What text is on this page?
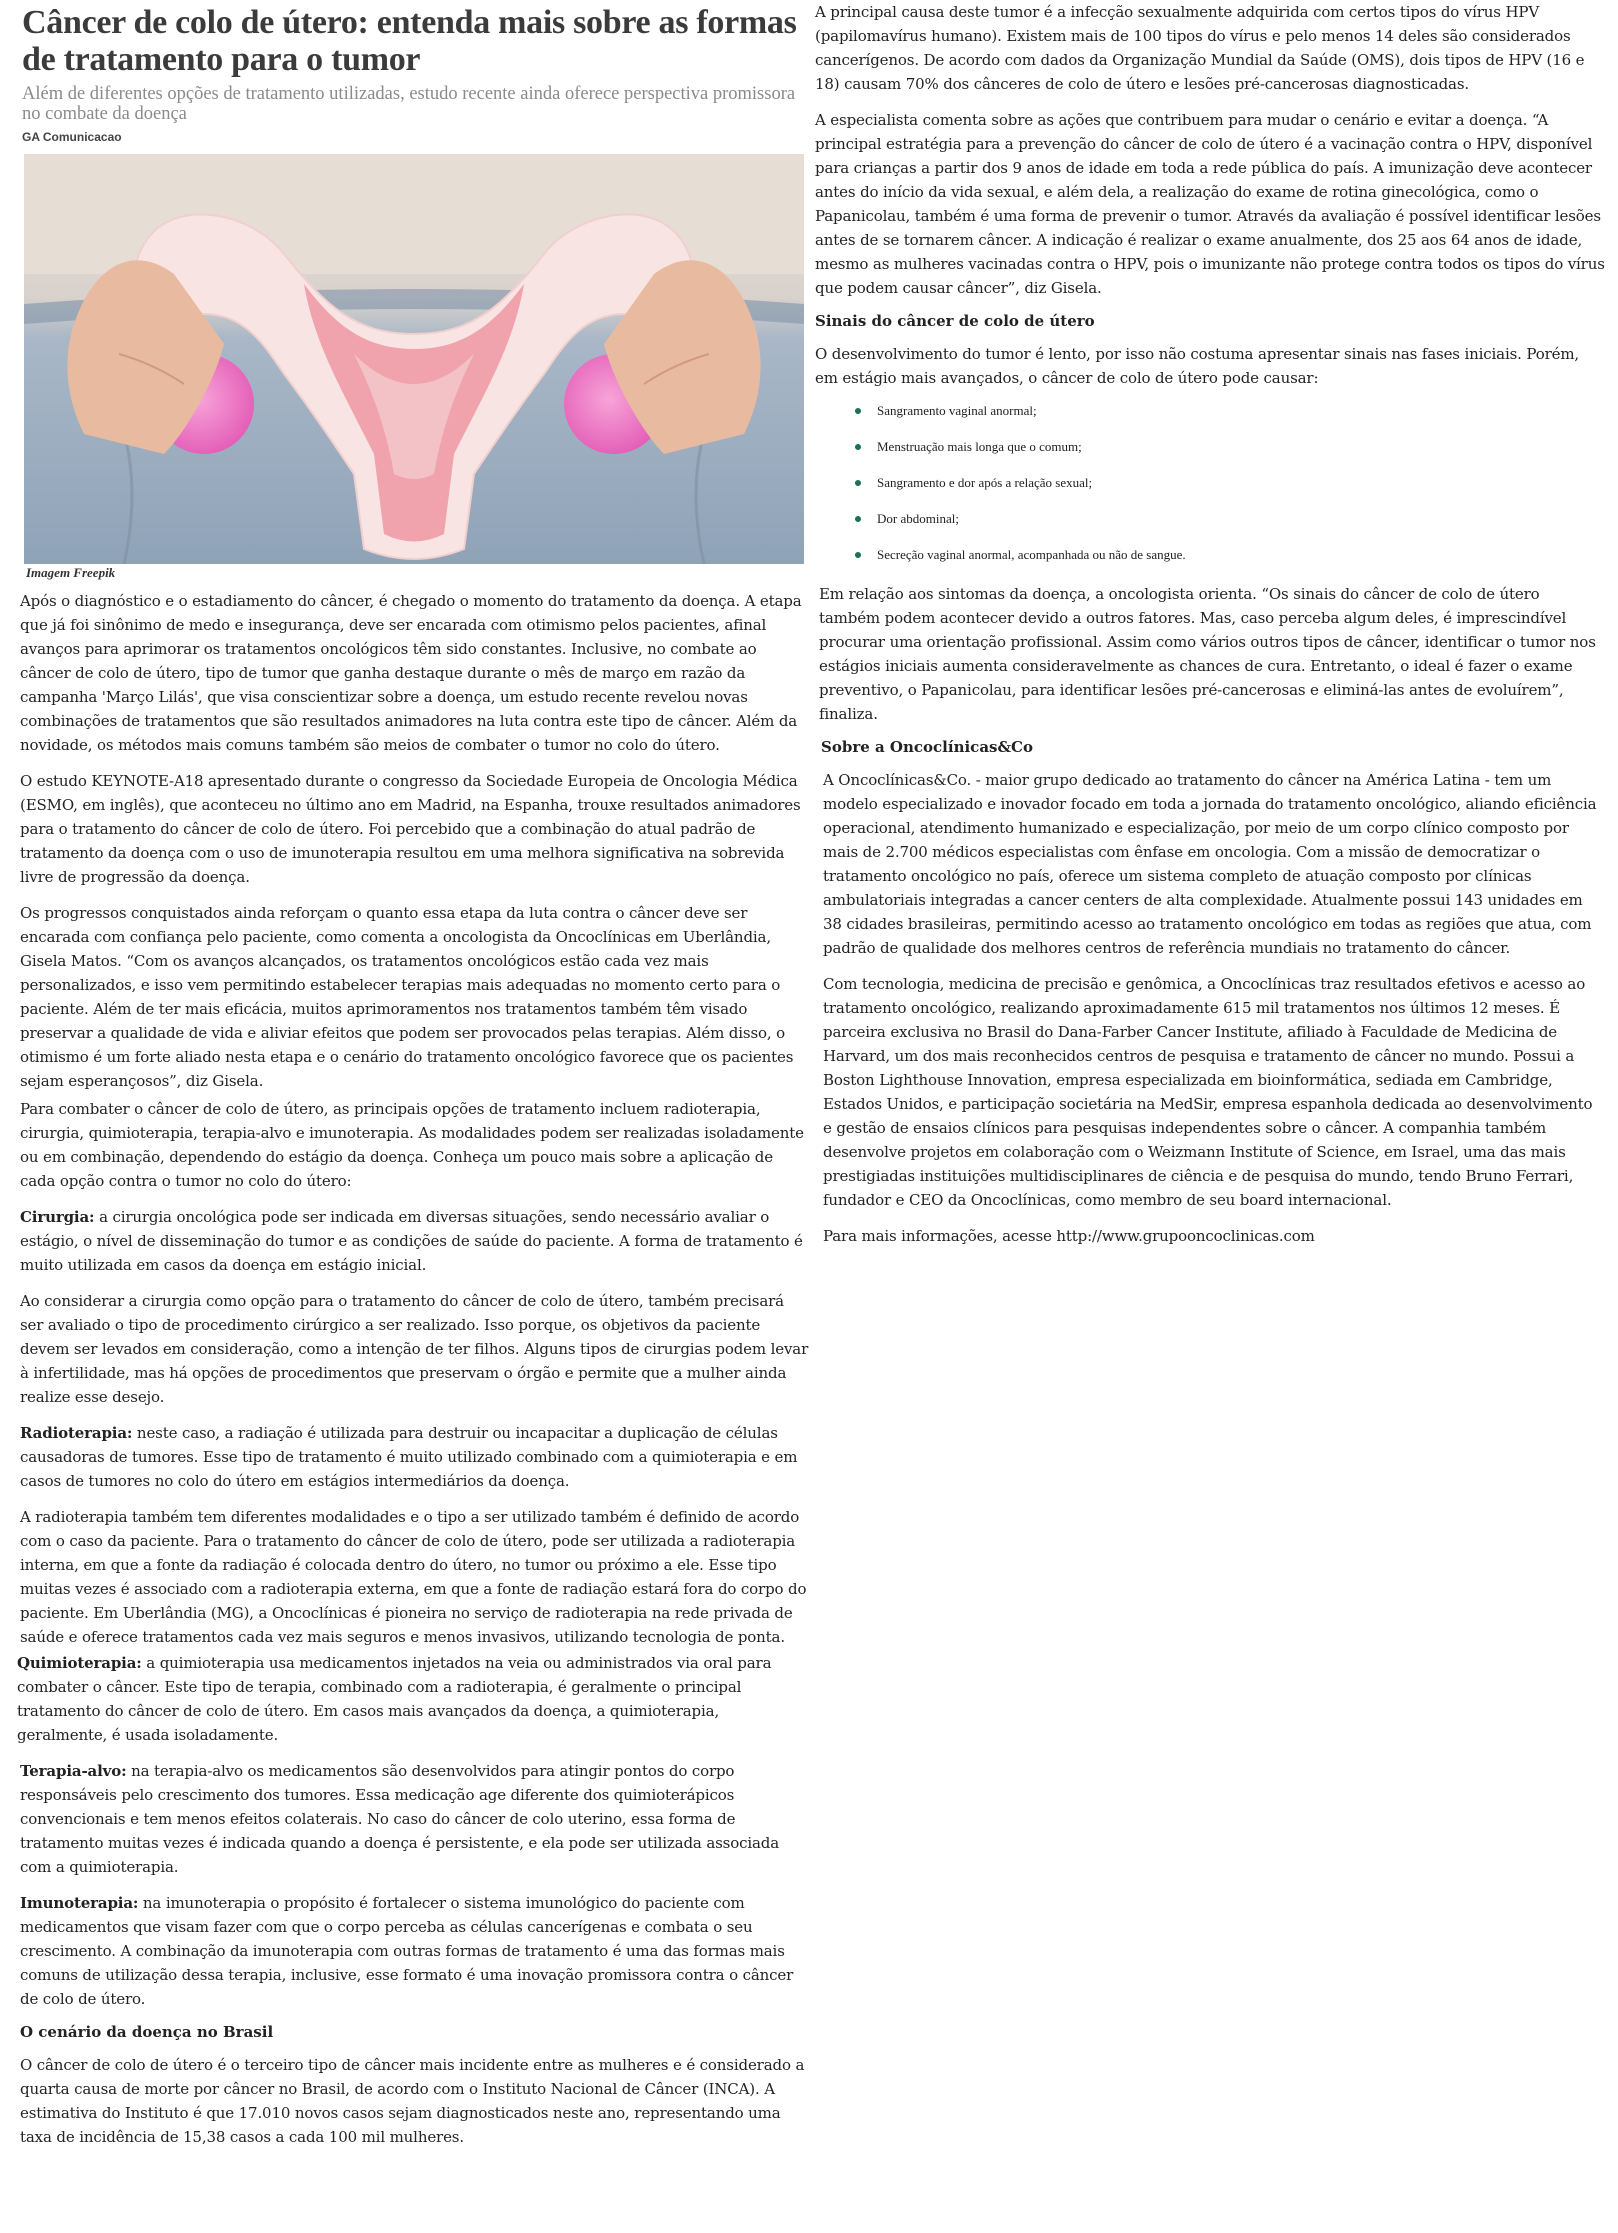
Câncer de colo de útero: entenda mais sobre as formas de tratamento para o tumor
Além de diferentes opções de tratamento utilizadas, estudo recente ainda oferece perspectiva promissora no combate da doença
GA Comunicacao
Imagem Freepik

Após o diagnóstico e o estadiamento do câncer, é chegado o momento do tratamento da doença. A etapa que já foi sinônimo de medo e insegurança, deve ser encarada com otimismo pelos pacientes, afinal avanços para aprimorar os tratamentos oncológicos têm sido constantes. Inclusive, no combate ao câncer de colo de útero, tipo de tumor que ganha destaque durante o mês de março em razão da campanha 'Março Lilás', que visa conscientizar sobre a doença, um estudo recente revelou novas combinações de tratamentos que são resultados animadores na luta contra este tipo de câncer. Além da novidade, os métodos mais comuns também são meios de combater o tumor no colo do útero.

O estudo KEYNOTE-A18 apresentado durante o congresso da Sociedade Europeia de Oncologia Médica (ESMO, em inglês), que aconteceu no último ano em Madrid, na Espanha, trouxe resultados animadores para o tratamento do câncer de colo de útero. Foi percebido que a combinação do atual padrão de tratamento da doença com o uso de imunoterapia resultou em uma melhora significativa na sobrevida livre de progressão da doença.

Os progressos conquistados ainda reforçam o quanto essa etapa da luta contra o câncer deve ser encarada com confiança pelo paciente, como comenta a oncologista da Oncoclínicas em Uberlândia, Gisela Matos. “Com os avanços alcançados, os tratamentos oncológicos estão cada vez mais personalizados, e isso vem permitindo estabelecer terapias mais adequadas no momento certo para o paciente. Além de ter mais eficácia, muitos aprimoramentos nos tratamentos também têm visado preservar a qualidade de vida e aliviar efeitos que podem ser provocados pelas terapias. Além disso, o otimismo é um forte aliado nesta etapa e o cenário do tratamento oncológico favorece que os pacientes sejam esperançosos”, diz Gisela.

Para combater o câncer de colo de útero, as principais opções de tratamento incluem radioterapia, cirurgia, quimioterapia, terapia-alvo e imunoterapia. As modalidades podem ser realizadas isoladamente ou em combinação, dependendo do estágio da doença. Conheça um pouco mais sobre a aplicação de cada opção contra o tumor no colo do útero:

Cirurgia: a cirurgia oncológica pode ser indicada em diversas situações, sendo necessário avaliar o estágio, o nível de disseminação do tumor e as condições de saúde do paciente. A forma de tratamento é muito utilizada em casos da doença em estágio inicial.

Ao considerar a cirurgia como opção para o tratamento do câncer de colo de útero, também precisará ser avaliado o tipo de procedimento cirúrgico a ser realizado. Isso porque, os objetivos da paciente devem ser levados em consideração, como a intenção de ter filhos. Alguns tipos de cirurgias podem levar à infertilidade, mas há opções de procedimentos que preservam o órgão e permite que a mulher ainda realize esse desejo.

Radioterapia: neste caso, a radiação é utilizada para destruir ou incapacitar a duplicação de células causadoras de tumores. Esse tipo de tratamento é muito utilizado combinado com a quimioterapia e em casos de tumores no colo do útero em estágios intermediários da doença.

A radioterapia também tem diferentes modalidades e o tipo a ser utilizado também é definido de acordo com o caso da paciente. Para o tratamento do câncer de colo de útero, pode ser utilizada a radioterapia interna, em que a fonte da radiação é colocada dentro do útero, no tumor ou próximo a ele. Esse tipo muitas vezes é associado com a radioterapia externa, em que a fonte de radiação estará fora do corpo do paciente. Em Uberlândia (MG), a Oncoclínicas é pioneira no serviço de radioterapia na rede privada de saúde e oferece tratamentos cada vez mais seguros e menos invasivos, utilizando tecnologia de ponta.

Quimioterapia: a quimioterapia usa medicamentos injetados na veia ou administrados via oral para combater o câncer. Este tipo de terapia, combinado com a radioterapia, é geralmente o principal tratamento do câncer de colo de útero. Em casos mais avançados da doença, a quimioterapia, geralmente, é usada isoladamente.

Terapia-alvo: na terapia-alvo os medicamentos são desenvolvidos para atingir pontos do corpo responsáveis pelo crescimento dos tumores. Essa medicação age diferente dos quimioterápicos convencionais e tem menos efeitos colaterais. No caso do câncer de colo uterino, essa forma de tratamento muitas vezes é indicada quando a doença é persistente, e ela pode ser utilizada associada com a quimioterapia.

Imunoterapia: na imunoterapia o propósito é fortalecer o sistema imunológico do paciente com medicamentos que visam fazer com que o corpo perceba as células cancerígenas e combata o seu crescimento. A combinação da imunoterapia com outras formas de tratamento é uma das formas mais comuns de utilização dessa terapia, inclusive, esse formato é uma inovação promissora contra o câncer de colo de útero.

O cenário da doença no Brasil

O câncer de colo de útero é o terceiro tipo de câncer mais incidente entre as mulheres e é considerado a quarta causa de morte por câncer no Brasil, de acordo com o Instituto Nacional de Câncer (INCA). A estimativa do Instituto é que 17.010 novos casos sejam diagnosticados neste ano, representando uma taxa de incidência de 15,38 casos a cada 100 mil mulheres.

A principal causa deste tumor é a infecção sexualmente adquirida com certos tipos do vírus HPV (papilomavírus humano). Existem mais de 100 tipos do vírus e pelo menos 14 deles são considerados cancerígenos. De acordo com dados da Organização Mundial da Saúde (OMS), dois tipos de HPV (16 e 18) causam 70% dos cânceres de colo de útero e lesões pré-cancerosas diagnosticadas.

A especialista comenta sobre as ações que contribuem para mudar o cenário e evitar a doença. “A principal estratégia para a prevenção do câncer de colo de útero é a vacinação contra o HPV, disponível para crianças a partir dos 9 anos de idade em toda a rede pública do país. A imunização deve acontecer antes do início da vida sexual, e além dela, a realização do exame de rotina ginecológica, como o Papanicolau, também é uma forma de prevenir o tumor. Através da avaliação é possível identificar lesões antes de se tornarem câncer. A indicação é realizar o exame anualmente, dos 25 aos 64 anos de idade, mesmo as mulheres vacinadas contra o HPV, pois o imunizante não protege contra todos os tipos do vírus que podem causar câncer”, diz Gisela.

Sinais do câncer de colo de útero

O desenvolvimento do tumor é lento, por isso não costuma apresentar sinais nas fases iniciais. Porém, em estágio mais avançados, o câncer de colo de útero pode causar:

Sangramento vaginal anormal;
Menstruação mais longa que o comum;
Sangramento e dor após a relação sexual;
Dor abdominal;
Secreção vaginal anormal, acompanhada ou não de sangue.

Em relação aos sintomas da doença, a oncologista orienta. “Os sinais do câncer de colo de útero também podem acontecer devido a outros fatores. Mas, caso perceba algum deles, é imprescindível procurar uma orientação profissional. Assim como vários outros tipos de câncer, identificar o tumor nos estágios iniciais aumenta consideravelmente as chances de cura. Entretanto, o ideal é fazer o exame preventivo, o Papanicolau, para identificar lesões pré-cancerosas e eliminá-las antes de evoluírem”, finaliza.

Sobre a Oncoclínicas&Co

A Oncoclínicas&Co. - maior grupo dedicado ao tratamento do câncer na América Latina - tem um modelo especializado e inovador focado em toda a jornada do tratamento oncológico, aliando eficiência operacional, atendimento humanizado e especialização, por meio de um corpo clínico composto por mais de 2.700 médicos especialistas com ênfase em oncologia. Com a missão de democratizar o tratamento oncológico no país, oferece um sistema completo de atuação composto por clínicas ambulatoriais integradas a cancer centers de alta complexidade. Atualmente possui 143 unidades em 38 cidades brasileiras, permitindo acesso ao tratamento oncológico em todas as regiões que atua, com padrão de qualidade dos melhores centros de referência mundiais no tratamento do câncer.

Com tecnologia, medicina de precisão e genômica, a Oncoclínicas traz resultados efetivos e acesso ao tratamento oncológico, realizando aproximadamente 615 mil tratamentos nos últimos 12 meses. É parceira exclusiva no Brasil do Dana-Farber Cancer Institute, afiliado à Faculdade de Medicina de Harvard, um dos mais reconhecidos centros de pesquisa e tratamento de câncer no mundo. Possui a Boston Lighthouse Innovation, empresa especializada em bioinformática, sediada em Cambridge, Estados Unidos, e participação societária na MedSir, empresa espanhola dedicada ao desenvolvimento e gestão de ensaios clínicos para pesquisas independentes sobre o câncer. A companhia também desenvolve projetos em colaboração com o Weizmann Institute of Science, em Israel, uma das mais prestigiadas instituições multidisciplinares de ciência e de pesquisa do mundo, tendo Bruno Ferrari, fundador e CEO da Oncoclínicas, como membro de seu board internacional.

Para mais informações, acesse http://www.grupooncoclinicas.com
